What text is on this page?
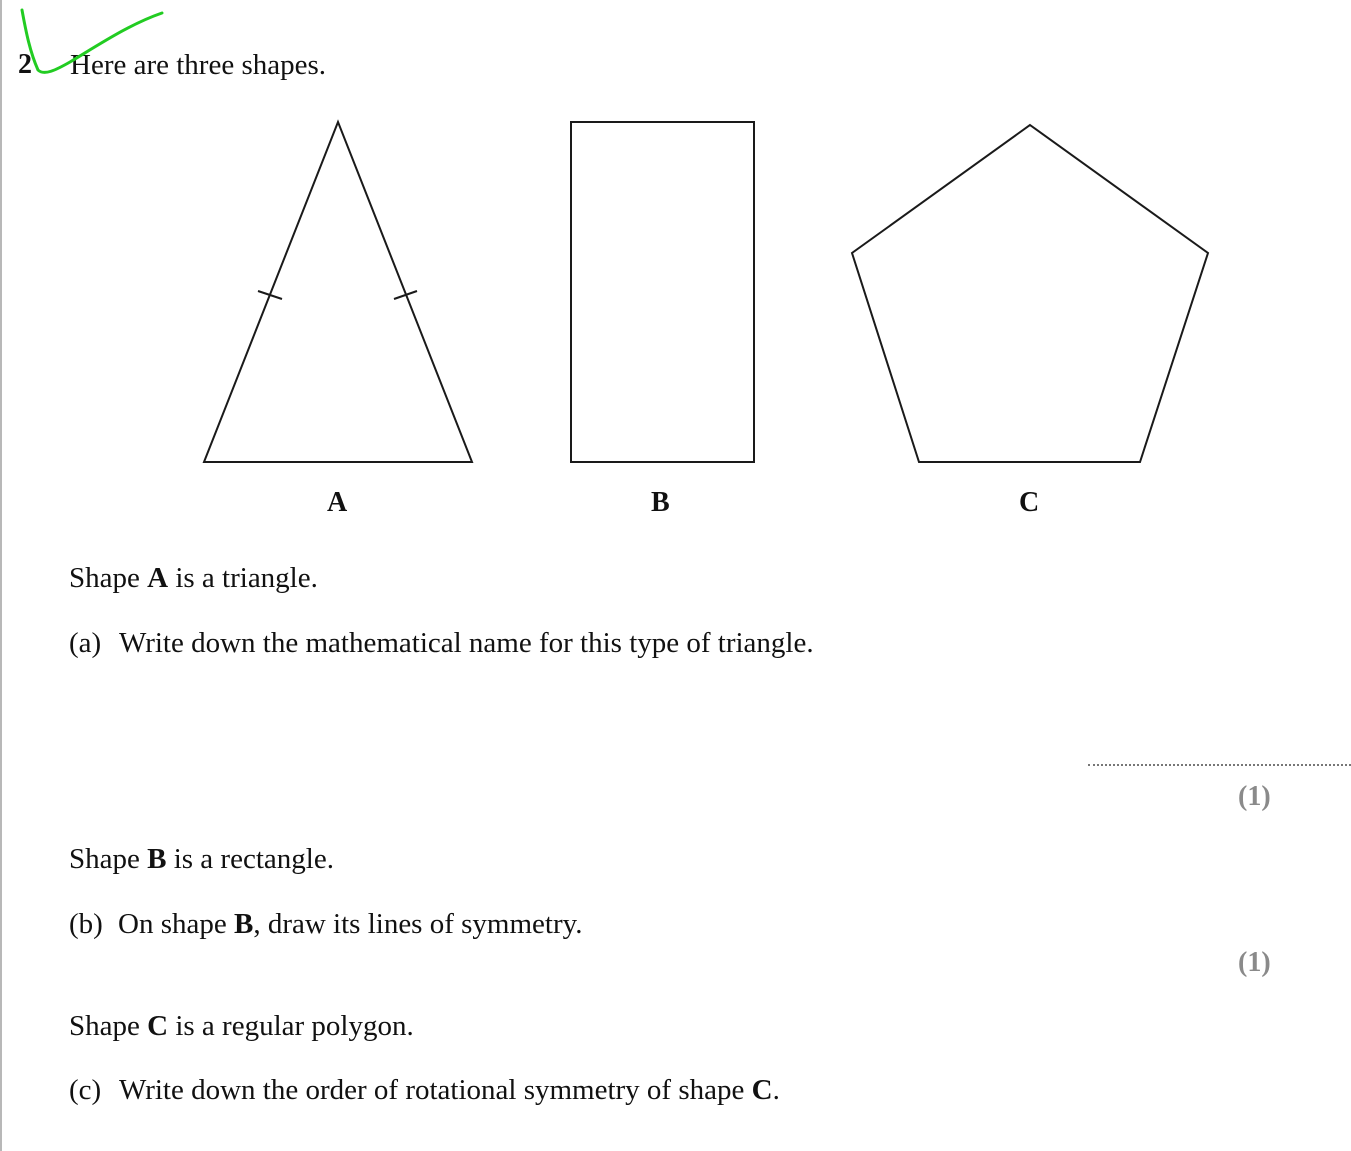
2 Here are three shapes.
A	B	C
Shape A is a triangle.
(a) Write down the mathematical name for this type of triangle.
(1)
Shape B is a rectangle.
(b) On shape B, draw its lines of symmetry.
(1)
Shape C is a regular polygon.
(c) Write down the order of rotational symmetry of shape C.
